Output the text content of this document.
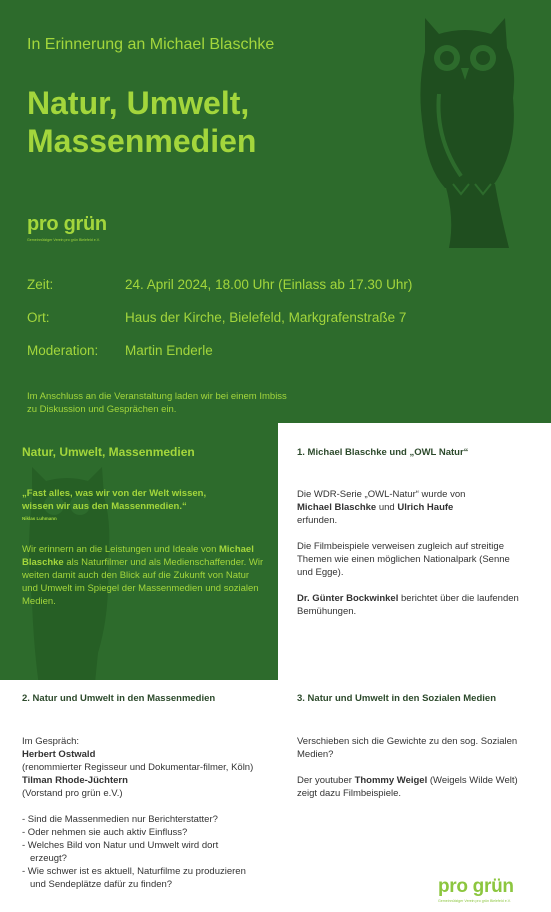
In Erinnerung an Michael Blaschke
Natur, Umwelt, Massenmedien
pro grün
Gemeinnütziger Verein pro grün Bielefeld e.V.
Zeit:	24. April 2024, 18.00 Uhr (Einlass ab 17.30 Uhr)
Ort:	Haus der Kirche, Bielefeld, Markgrafenstraße 7
Moderation: Martin Enderle
Im Anschluss an die Veranstaltung laden wir bei einem Imbiss
zu Diskussion und Gesprächen ein.
Natur, Umwelt, Massenmedien
„Fast alles, was wir von der Welt wissen,
wissen wir aus den Massenmedien.“
Niklas Luhmann
Wir erinnern an die Leistungen und Ideale von Michael Blaschke als Naturfilmer und als Medienschaffender. Wir weiten damit auch den Blick auf die Zukunft von Natur und Umwelt im Spiegel der Massenmedien und sozialen Medien.
1. Michael Blaschke und „OWL Natur“

Die WDR-Serie „OWL-Natur“ wurde von
Michael Blaschke und Ulrich Haufe
erfunden.

Die Filmbeispiele verweisen zugleich auf streitige Themen wie einen möglichen Nationalpark (Senne und Egge).

Dr. Günter Bockwinkel berichtet über die laufenden Bemühungen.

2. Natur und Umwelt in den Massenmedien

Im Gespräch:
Herbert Ostwald
(renommierter Regisseur und Dokumentar-filmer, Köln)
Tilman Rhode-Jüchtern
(Vorstand pro grün e.V.)

- Sind die Massenmedien nur Berichterstatter?
- Oder nehmen sie auch aktiv Einfluss?
- Welches Bild von Natur und Umwelt wird dort erzeugt?
- Wie schwer ist es aktuell, Naturfilme zu produzieren und Sendeplätze dafür zu finden?
3. Natur und Umwelt in den Sozialen Medien

Verschieben sich die Gewichte zu den sog. Sozialen Medien?

Der youtuber Thommy Weigel (Weigels Wilde Welt) zeigt dazu Filmbeispiele.

pro grün
Gemeinnütziger Verein pro grün Bielefeld e.V.
